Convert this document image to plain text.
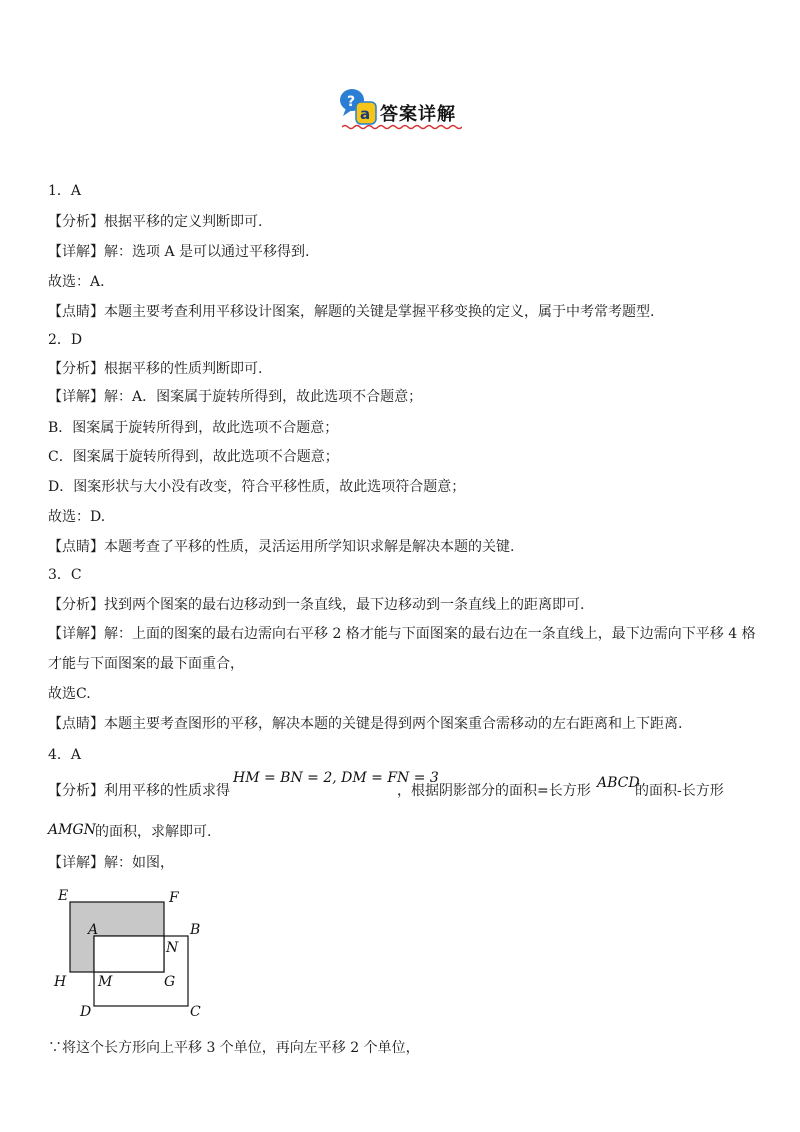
?
a 答案详解
1．A
【分析】根据平移的定义判断即可.
【详解】解：选项 A 是可以通过平移得到.
故选：A.
【点睛】本题主要考查利用平移设计图案，解题的关键是掌握平移变换的定义，属于中考常考题型.
2．D
【分析】根据平移的性质判断即可.
【详解】解：A．图案属于旋转所得到，故此选项不合题意；
B．图案属于旋转所得到，故此选项不合题意；
C．图案属于旋转所得到，故此选项不合题意；
D．图案形状与大小没有改变，符合平移性质，故此选项符合题意；
故选：D.
【点睛】本题考查了平移的性质，灵活运用所学知识求解是解决本题的关键.
3．C
【分析】找到两个图案的最右边移动到一条直线，最下边移动到一条直线上的距离即可.
【详解】解：上面的图案的最右边需向右平移 2 格才能与下面图案的最右边在一条直线上，最下边需向下平移 4 格
才能与下面图案的最下面重合，
故选C.
【点睛】本题主要考查图形的平移，解决本题的关键是得到两个图案重合需移动的左右距离和上下距离.
4．A
【分析】利用平移的性质求得
HM = BN = 2, DM = FN = 3
，根据阴影部分的面积=长方形 ABCD
的面积-长方形
AMGN 的面积，求解即可.
【详解】解：如图，
E	F
A	B
N
H M	G
D	C
∵将这个长方形向上平移 3 个单位，再向左平移 2 个单位，
